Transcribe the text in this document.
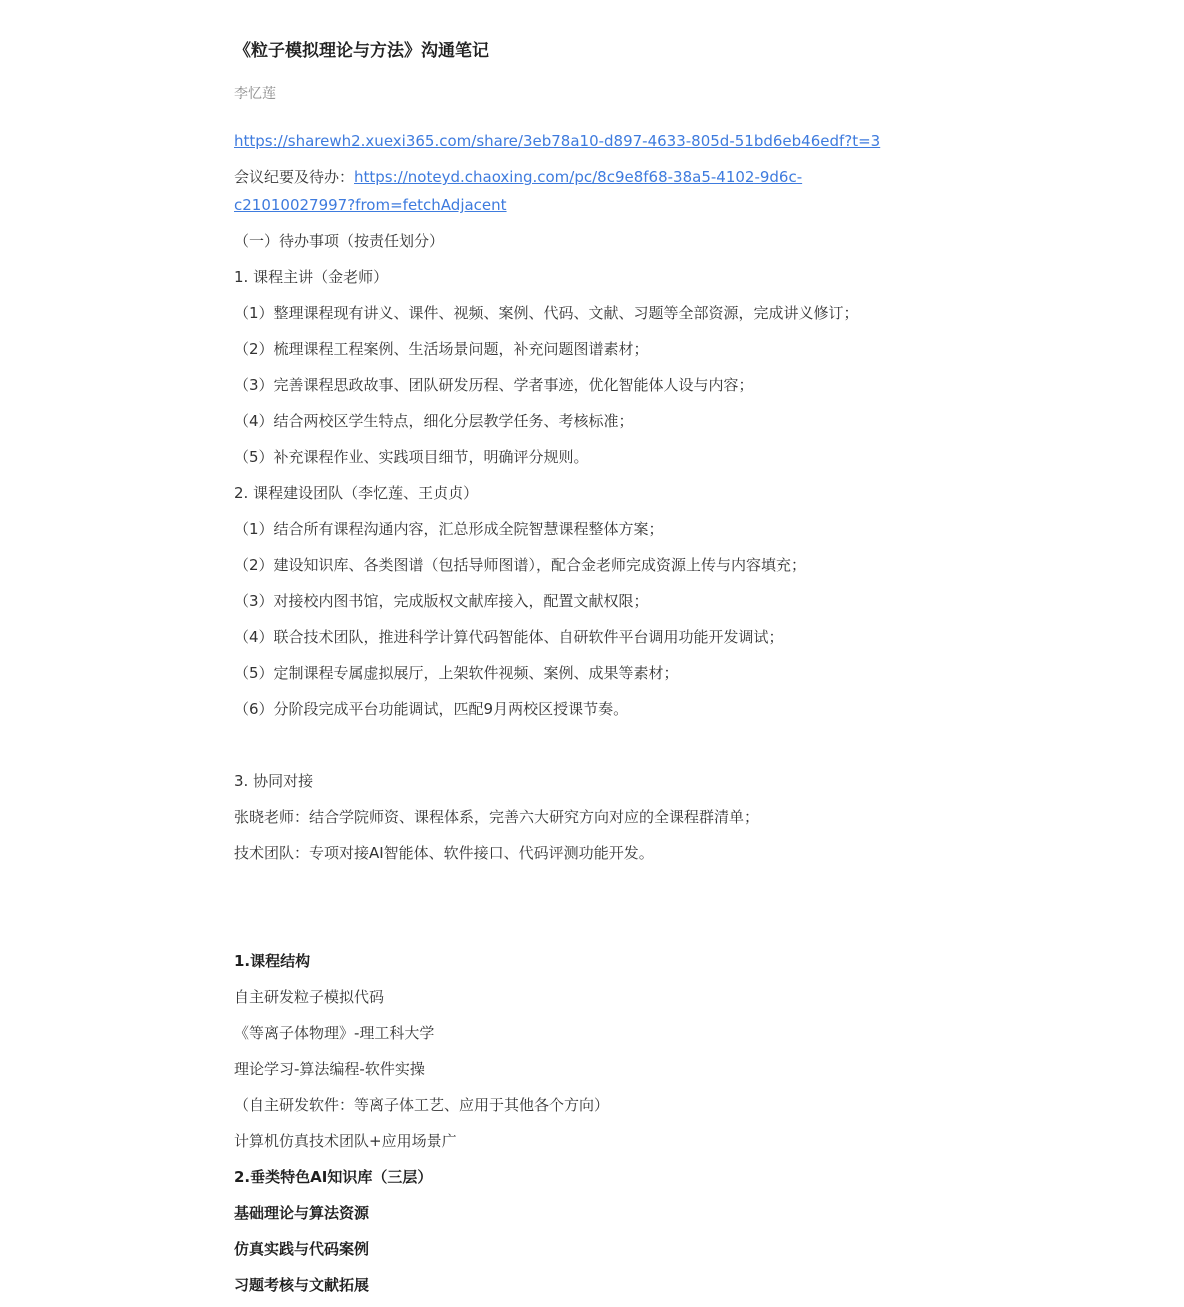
《粒子模拟理论与方法》沟通笔记
李忆莲
https://sharewh2.xuexi365.com/share/3eb78a10-d897-4633-805d-51bd6eb46edf?t=3
会议纪要及待办：https://noteyd.chaoxing.com/pc/8c9e8f68-38a5-4102-9d6c-c21010027997?from=fetchAdjacent
（一）待办事项（按责任划分）
1. 课程主讲（金老师）
（1）整理课程现有讲义、课件、视频、案例、代码、文献、习题等全部资源，完成讲义修订；
（2）梳理课程工程案例、生活场景问题，补充问题图谱素材；
（3）完善课程思政故事、团队研发历程、学者事迹，优化智能体人设与内容；
（4）结合两校区学生特点，细化分层教学任务、考核标准；
（5）补充课程作业、实践项目细节，明确评分规则。
2. 课程建设团队（李忆莲、王贞贞）
（1）结合所有课程沟通内容，汇总形成全院智慧课程整体方案；
（2）建设知识库、各类图谱（包括导师图谱），配合金老师完成资源上传与内容填充；
（3）对接校内图书馆，完成版权文献库接入，配置文献权限；
（4）联合技术团队，推进科学计算代码智能体、自研软件平台调用功能开发调试；
（5）定制课程专属虚拟展厅，上架软件视频、案例、成果等素材；
（6）分阶段完成平台功能调试，匹配9月两校区授课节奏。
3. 协同对接
张晓老师：结合学院师资、课程体系，完善六大研究方向对应的全课程群清单；
技术团队：专项对接AI智能体、软件接口、代码评测功能开发。
1.课程结构
自主研发粒子模拟代码
《等离子体物理》-理工科大学
理论学习-算法编程-软件实操
（自主研发软件：等离子体工艺、应用于其他各个方向）
计算机仿真技术团队+应用场景广
2.垂类特色AI知识库（三层）
基础理论与算法资源
仿真实践与代码案例
习题考核与文献拓展
